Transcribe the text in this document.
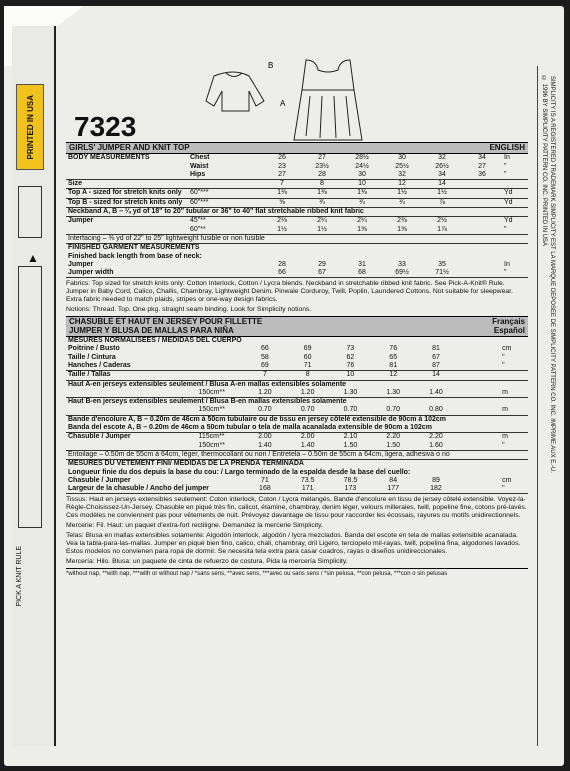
PRINTED IN USA
▲
PICK A KNIT RULE
7323
B
A
GIRLS' JUMPER AND KNIT TOP	ENGLISH
BODY MEASUREMENTS	Chest	26	27	28½	30	32	34	In
	Waist	23	23½	24½	25½	26½	27	"
	Hips	27	28	30	32	34	36	"
Size		7	8	10	12	14		
Top A - sized for stretch knits only	60"***	1⅜	1⅜	1⅜	1½	1½		Yd
Top B - sized for stretch knits only	60"***	⅝	¾	¾	¾	⅞		Yd
Neckband A, B – ¼ yd of 18" to 20" tubular or 36" to 40" flat stretchable ribbed knit fabric								
Jumper	45"**	2⅛	2¼	2¼	2⅜	2½		Yd
	60"**	1½	1½	1⅝	1⅝	1⅞		"
Interfacing – ⅜ yd of 22" to 25" lightweight fusible or non fusible								
FINISHED GARMENT MEASUREMENTS								
Finished back length from base of neck:								
Jumper		28	29	31	33	35		In
Jumper width		66	67	68	69½	71½		"
Fabrics: Top sized for stretch knits only: Cotton Interlock, Cotton / Lycra blends. Neckband in stretchable ribbed knit fabric. See Pick-A-Knit® Rule. Jumper in Baby Cord, Calico, Challis, Chambray, Lightweight Denim, Pinwale Corduroy, Twill, Poplin, Laundered Cottons. Not suitable for sleepwear. Extra fabric needed to match plaids, stripes or one-way design fabrics.
Notions: Thread. Top. One pkg. straight seam binding. Look for Simplicity notions.
CHASUBLE ET HAUT EN JERSEY POUR FILLETTE
JUMPER Y BLUSA DE MALLAS PARA NIÑA
Français
Español
MESURES NORMALISEES / MEDIDAS DEL CUERPO								
Poitrine / Busto		66	69	73	76	81		cm
Taille / Cintura		58	60	62	65	67		"
Hanches / Caderas		69	71	76	81	87		"
Taille / Tallas		7	8	10	12	14		
Haut A-en jerseys extensibles seulement / Blusa A-en mallas extensibles solamente								
	150cm**	1.20	1.20	1.30	1.30	1.40		m
Haut B-en jerseys extensibles seulement / Blusa B-en mallas extensibles solamente								
	150cm**	0.70	0.70	0.70	0.70	0.80		m
Bande d'encolure A, B – 0.20m de 46cm à 50cm tubulaire ou de tissu en jersey côtelé extensible de 90cm à 102cm								
Banda del escote A, B – 0.20m de 46cm a 50cm tubular o tela de malla acanalada extensible de 90cm a 102cm								
Chasuble / Jumper	115cm**	2.00	2.00	2.10	2.20	2.20		m
	150cm**	1.40	1.40	1.50	1.50	1.60		"
Entoilage – 0.50m de 55cm à 64cm, léger, thermocollant ou non / Entretela – 0.50m de 55cm a 64cm, ligera, adhesiva o no								
MESURES DU VETEMENT FINI/ MEDIDAS DE LA PRENDA TERMINADA								
Longueur finie du dos depuis la base du cou: / Largo terminado de la espalda desde la base del cuello:								
Chasuble / Jumper		71	73.5	78.5	84	89		cm
Largeur de la chasuble / Ancho del jumper		168	171	173	177	182		"
Tissus: Haut en jerseys extensibles seulement: Coton interlock, Coton / Lycra mélangés. Bande d'encolure en tissu de jersey côtelé extensible. Voyez-la-Règle-Choisissez-Un-Jersey. Chasuble en piqué très fin, calicot, étamine, chambray, denim léger, velours milleraies, twill, popeline fine, cotons pré-lavés. Ces modèles ne conviennent pas pour vêtements de nuit. Prévoyez davantage de tissu pour raccorder les écossais, rayures ou motifs unidirectionnels.
Mercerie: Fil. Haut: un paquet d'extra-fort rectiligne. Demandez la mercerie Simplicity.
Telas: Blusa en mallas extensibles solamente: Algodón interlock, algodón / lycra mezclados. Banda del escote en tela de mallas extensible acanalada. Vea la tabla-para-las-mallas. Jumper en piqué bien fino, calico, chali, chambray, dril Ligero, terciopelo mil-rayas, twill, popelina fina, algodones lavados. Estos modelos no convienen para ropa de dormir. Se necesita tela extra para casar cuadros, rayas o diseños unidireccionales.
Mercería: Hilo. Blusa: un paquete de cinta de refuerzo de costura. Pida la mercería Simplicity.
*without nap, **with nap, ***with or without nap / *sans sens, **avec sens, ***avec ou sans sens / *sin pelusa, **con pelusa, ***con o sin pelusas
© 1996 BY SIMPLICITY PATTERN CO. INC. PRINTED IN USA SIMPLICITY IS A REGISTERED TRADEMARK SIMPLICITY EST LA MARQUE DEPOSEE DE SIMPLICITY PATTERN CO. INC. IMPRIME AUX E.-U.
